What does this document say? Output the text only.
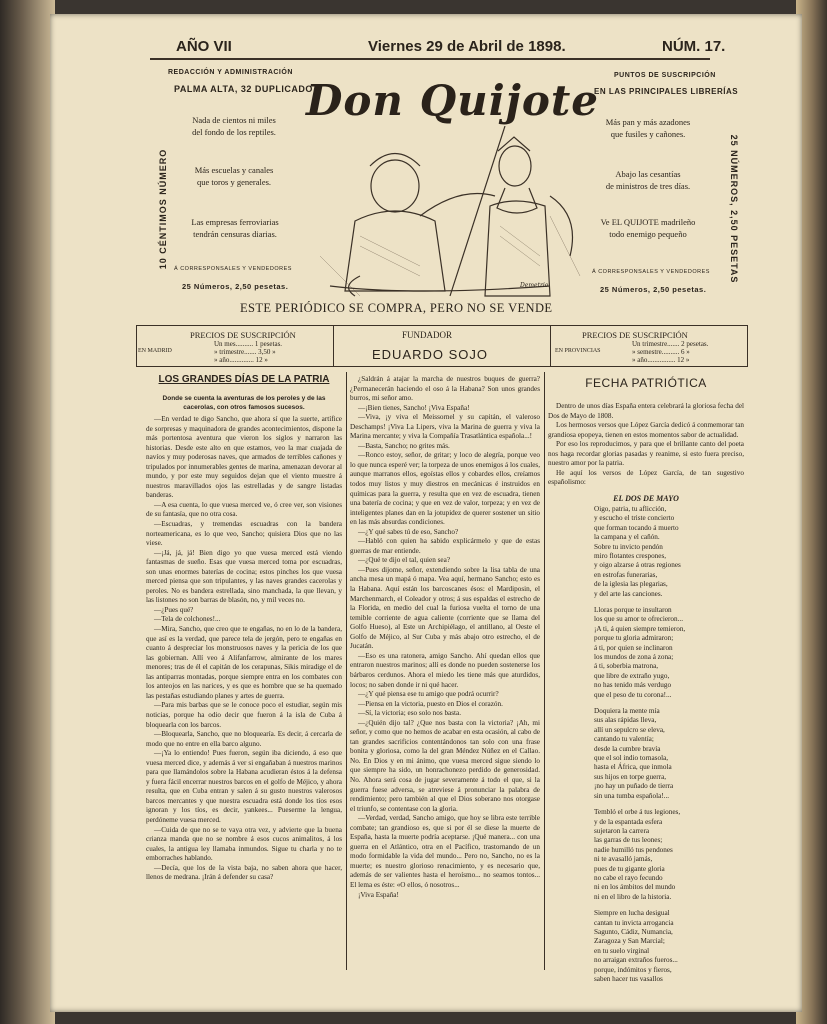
AÑO VII	Viernes 29 de Abril de 1898.	NÚM. 17.
REDACCIÓN Y ADMINISTRACIÓN
PALMA ALTA, 32 DUPLICADO
Nada de cientos ni miles
del fondo de los reptiles.
Más escuelas y canales
que toros y generales.
Las empresas ferroviarias
tendrán censuras diarias.
Á CORRESPONSALES Y VENDEDORES
25 Números, 2,50 pesetas.
10 CÉNTIMOS NÚMERO
PUNTOS DE SUSCRIPCIÓN
EN LAS PRINCIPALES LIBRERÍAS
Más pan y más azadones
que fusiles y cañones.
Abajo las cesantías
de ministros de tres días.
Ve EL QUIJOTE madrileño
todo enemigo pequeño
Á CORRESPONSALES Y VENDEDORES
25 Números, 2,50 pesetas.
25 NÚMEROS, 2,50 PESETAS
Don Quijote
Demetrio
ESTE PERIÓDICO SE COMPRA, PERO NO SE VENDE
PRECIOS DE SUSCRIPCIÓN
EN MADRID
Un mes.......... 1 pesetas.
» trimestre....... 3,50 »
» año.............. 12 »
FUNDADOR
EDUARDO SOJO
PRECIOS DE SUSCRIPCIÓN
EN PROVINCIAS
Un trimestre....... 2 pesetas.
» semestre.......... 6 »
» año................ 12 »
LOS GRANDES DÍAS DE LA PATRIA
Donde se cuenta la aventuras de los peroles y de las cacerolas, con otros famosos sucesos.

—En verdad te digo Sancho, que ahora sí que la suerte, artífice de sorpresas y maquinadora de grandes acontecimientos, dispone la más portentosa aventura que vieron los siglos y narraron las historias. Desde este alto en que estamos, veo la mar cuajada de navíos y muy poderosas naves, que armados de terribles cañones y tripulados por innumerables gentes de marina, amenazan devorar al mundo, y por este muy seguidos dejan que el viento muestre á nuestros maravillados ojos las estrelladas y de sangre listadas banderas.

—A esa cuenta, lo que vuesa merced ve, ó cree ver, son visiones de su fantasía, que no otra cosa.

—Escuadras, y tremendas escuadras con la bandera norteamericana, es lo que veo, Sancho; quisiera Dios que no las viese.

—¡Já, já, já! Bien digo yo que vuesa merced está viendo fantasmas de sueño. Esas que vuesa merced toma por escuadras, son unas enormes baterías de cocina; estos pinches los que vuesa merced piensa que son tripulantes, y las naves grandes cacerolas y peroles. No es bandera estrellada, sino manchada, la que llevan, y las listones no son barras de blasón, no, y mil veces no.

—¿Pues qué?

—Tela de colchones!...

—Mira, Sancho, que creo que te engañas, no en lo de la bandera, que así es la verdad, que parece tela de jergón, pero te engañas en cuanto á despreciar los monstruosos naves y la pericia de los que las gobiernan. Allí veo á Alifanfarrow, almirante de los mares menores; tras de él el capitán de los cerapunas, Sikis miradige el de las antiparras montadas, porque siempre entra en los combates con los anteojos en las narices, y es que es hombre que se ha quemado las pestañas estudiando planes y artes de guerra.

—Para mis barbas que se le conoce poco el estudiar, según mis noticias, porque ha odio decir que fueron á la isla de Cuba á bloquearla con los barcos.

—Bloquearla, Sancho, que no bloquearía. Es decir, á cercarla de modo que no entre en ella barco alguno.

—¡Ya lo entiendo! Pues fueron, según iba diciendo, á eso que vuesa merced dice, y además á ver si engañaban á nuestros marinos para que llamándolos sobre la Habana acudieran éstos á la defensa y fuera fácil encerrar nuestros barcos en el golfo de Méjico, y ahora resulta, que en Cuba entran y salen á su gusto nuestros valerosos barcos mercantes y que nuestra escuadra está donde los tíos esos ignoran y los tíos, es decir, yankees... Pueserme la lengua, perdóneme vuesa merced.

—Cuida de que no se te vaya otra vez, y advierte que la buena crianza manda que no se nombre á esos cucos animalitos, á los cuales, la antigua ley llamaba inmundos. Sigue tu charla y no te emborraches hablando.

—Decía, que los de la vista baja, no saben ahora que hacer, llenos de medrana. ¡Irán á defender su casa?

¿Saldrán á atajar la marcha de nuestros buques de guerra? ¿Permanecerán haciendo el oso á la Habana? Son unos grandes burros, mi señor amo.

—¡Bien tienes, Sancho! ¡Viva España!

—Viva, ¡y viva el Meissornel y su capitán, el valeroso Deschamps! ¡Viva La Lipers, viva la Marina de guerra y viva la Marina mercante; y viva la Compañía Trasatlántica española...!

—Basta, Sancho; no grites más.

—Ronco estoy, señor, de gritar; y loco de alegría, porque veo lo que nunca esperé ver; la torpeza de unos enemigos á los cuales, aunque marranos ellos, egoístas ellos y cobardes ellos, creíamos todos muy listos y muy diestros en mecánicas é instruidos en químicas para la guerra, y resulta que en vez de escuadra, tienen una batería de cocina; y que en vez de valor, torpeza; y en vez de inteligentes planes dan en la jotupidez de querer sostener un sitio en las más absurdas condiciones.

—¿Y qué sabes tú de eso, Sancho?

—Habló con quien ha sabido explicármelo y que de estas guerras de mar entiende.

—¿Qué te dijo el tal, quien sea?

—Pues dijome, señor, extendiendo sobre la lisa tabla de una ancha mesa un mapá ó mapa. Vea aquí, hermano Sancho; esto es la Habana. Aquí están los barcoscanes ésos: el Mardiposin, el Marchenmarch, el Coleador y otros; á sus espaldas el estrecho de la Florida, en medio del cual la furiosa vuelta el torno de una temible corriente de agua caliente (corriente que se llama del Golfo Hueso), al Este un Archipiélago, el antillano, al Oeste el Golfo de Méjico, al Sur Cuba y más abajo otro estrecho, el de Jucatán.

—Eso es una ratonera, amigo Sancho. Ahí quedan ellos que entraron nuestros marinos; allí es donde no pueden sostenerse los bárbaros cerdunos. Ahora el miedo les tiene más que aturdidos, locos; no saben donde ir ni qué hacer.

—¿Y qué piensa ese tu amigo que podrá ocurrir?

—Piensa en la victoria, puesto en Dios el corazón.

—Sí, la victoria; eso solo nos basta.

—¿Quién dijo tal? ¿Que nos basta con la victoria? ¡Ah, mi señor, y como que no hemos de acabar en esta ocasión, al cabo de tan grandes sacrificios contentándonos tan solo con una frase bonita y gloriosa, como la del gran Méndez Núñez en el Callao. No. En Dios y en mi ánimo, que vuesa merced sigue siendo lo que siempre ha sido, un honrachonezo perdido de generosidad. No. Ahora será cosa de jugar severamente á todo el que, si la guerra fuese adversa, se atreviese á pronunciar la palabra de rendimiento; pero también al que el Dios soberano nos otorgase el triunfo, se contentase con la gloria.

—Verdad, verdad, Sancho amigo, que hoy se libra este terrible combate; tan grandioso es, que si por él se diese la muerte de España, hasta la muerte podría aceptarse. ¡Qué manera... con una guerra en el Atlántico, otra en el Pacífico, trastornando de un modo formidable la vida del mundo... Pero no, Sancho, no es la muerte; es nuestro glorioso renacimiento, y es necesario que, además de ser valientes hasta el heroísmo... no seamos tontos... El lema es éste: «O ellos, ó nosotros...

¡Viva España!

FECHA PATRIÓTICA

Dentro de unos días España entera celebrará la gloriosa fecha del Dos de Mayo de 1808.

Los hermosos versos que López García dedicó á conmemorar tan grandiosa epopeya, tienen en estos momentos sabor de actualidad.

Por eso los reproducimos, y para que el brillante canto del poeta nos haga recordar glorias pasadas y reanime, si esto fuera preciso, nuestro amor por la patria.

He aquí los versos de López García, de tan sugestivo españolismo:

EL DOS DE MAYO
Oigo, patria, tu aflicción,
y escucho el triste concierto
que forman tocando á muerto
la campana y el cañón.
Sobre tu invicto pendón
miro flotantes crespones,
y oigo alzarse á otras regiones
en estrofas funerarias,
de la iglesia las plegarias,
y del arte las canciones.
Lloras porque te insultaron
los que su amor te ofrecieron...
¡A ti, á quien siempre temieron,
porque tu gloria admiraron;
á ti, por quien se inclinaron
los mundos de zona á zona;
á ti, soberbia matrona,
que libre de extraño yugo,
no has tenido más verdugo
que el peso de tu corona!...
Doquiera la mente mía
sus alas rápidas lleva,
allí un sepulcro se eleva,
cantando tu valentía;
desde la cumbre bravía
que el sol indio tornasola,
hasta el África, que inmola
sus hijos en torpe guerra,
¡no hay un puñado de tierra
sin una tumba española!...
Tembló el orbe á tus legiones,
y de la espantada esfera
sujetaron la carrera
las garras de tus leones;
nadie humilló tus pendones
ni te avasalló jamás,
pues de tu gigante gloria
no cabe el rayo fecundo
ni en los ámbitos del mundo
ni en el libro de la historia.
Siempre en lucha desigual
cantan tu invicta arrogancia
Sagunto, Cádiz, Numancia,
Zaragoza y San Marcial;
en tu suelo virginal
no arraigan extraños fueros...
porque, indómitos y fieros,
saben hacer tus vasallos
